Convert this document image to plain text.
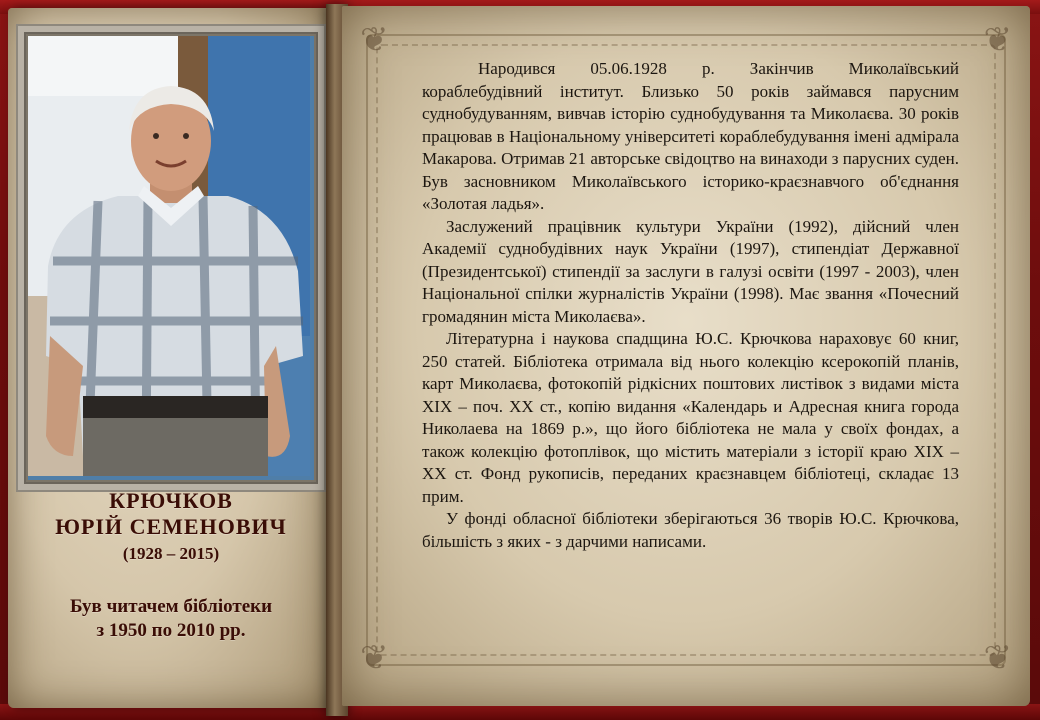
КРЮЧКОВ
ЮРІЙ СЕМЕНОВИЧ
(1928 – 2015)
Був читачем бібліотеки
з 1950 по 2010 рр.
❦	❦
❦	❦

Народився 05.06.1928 р. Закінчив Миколаївський кораблебудівний інститут. Близько 50 років займався парусним суднобудуванням, вивчав історію суднобудування та Миколаєва. 30 років працював в Національному університеті кораблебудування імені адмірала Макарова. Отримав 21 авторське свідоцтво на винаходи з парусних суден. Був засновником Миколаївського історико-краєзнавчого об'єднання «Золотая ладья».

Заслужений працівник культури України (1992), дійсний член Академії суднобудівних наук України (1997), стипендіат Державної (Президентської) стипендії за заслуги в галузі освіти (1997 - 2003), член Національної спілки журналістів України (1998). Має звання «Почесний громадянин міста Миколаєва».

Літературна і наукова спадщина Ю.С. Крючкова нараховує 60 книг, 250 статей. Бібліотека отримала від нього колекцію ксерокопій планів, карт Миколаєва, фотокопій рідкісних поштових листівок з видами міста XIX – поч. XX ст., копію видання «Календарь и Адресная книга города Николаева на 1869 р.», що його бібліотека не мала у своїх фондах, а також колекцію фотоплівок, що містить матеріали з історії краю XIX –XX ст. Фонд рукописів, переданих краєзнавцем бібліотеці, складає 13 прим.

У фонді обласної бібліотеки зберігаються 36 творів Ю.С. Крючкова, більшість з яких - з дарчими написами.
